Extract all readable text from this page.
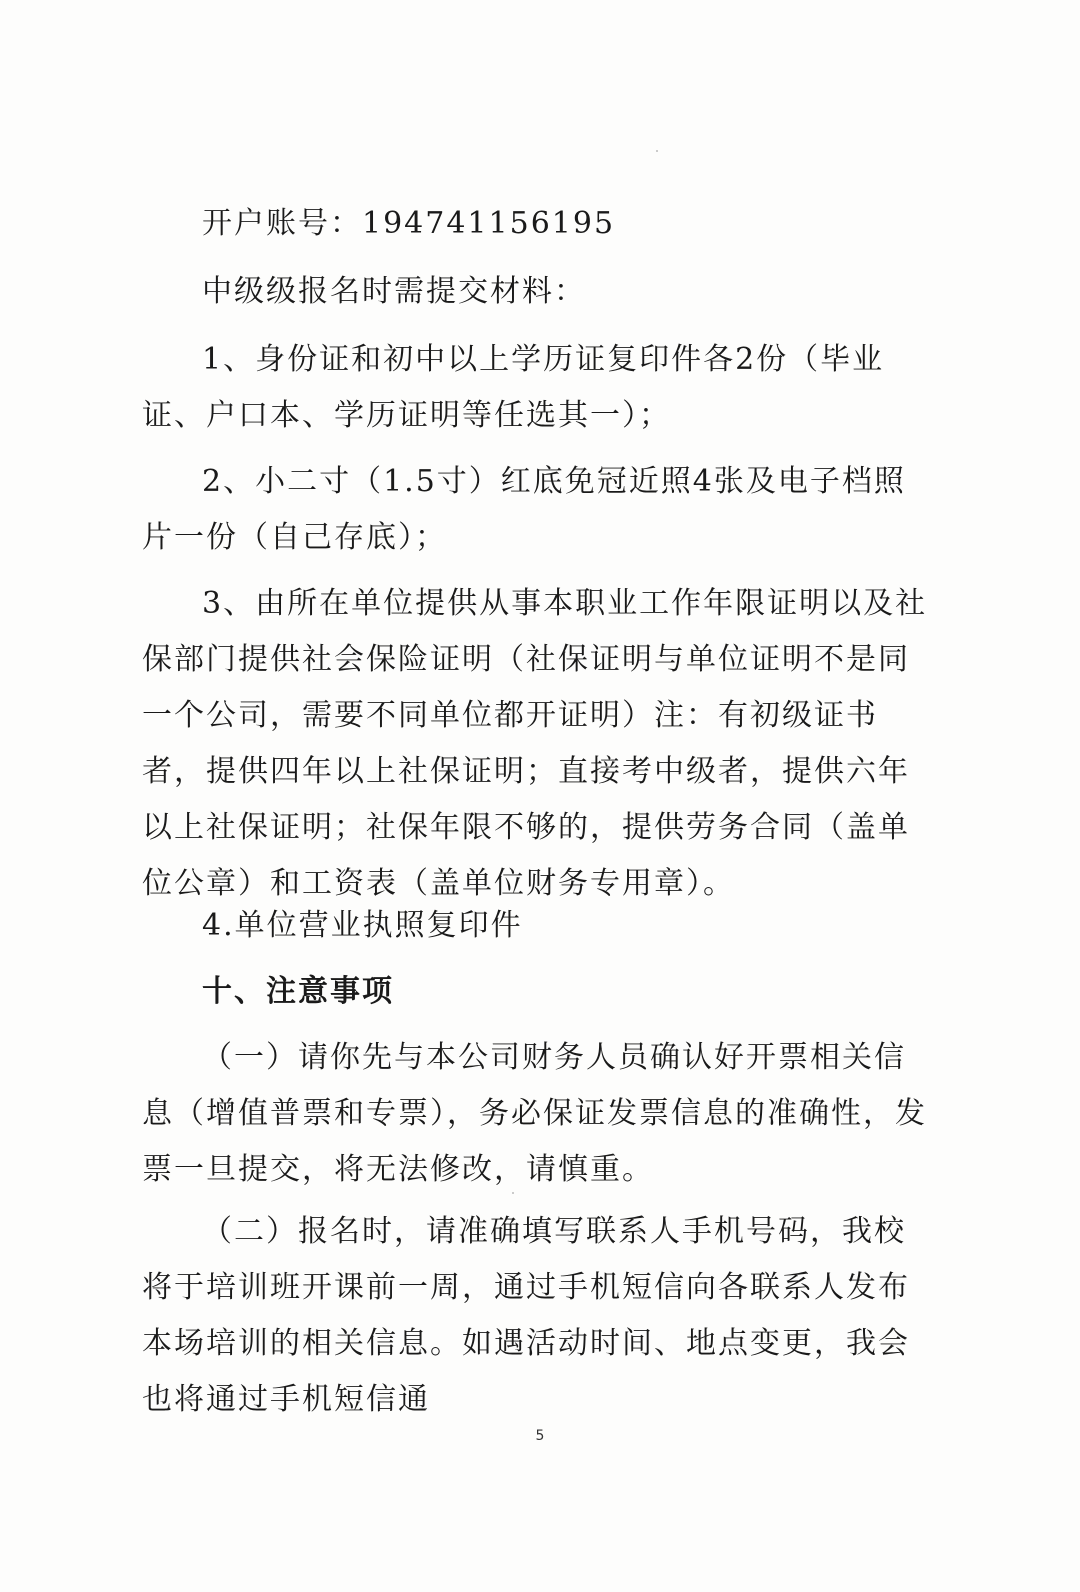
开户账号：194741156195

中级级报名时需提交材料：

1、身份证和初中以上学历证复印件各2份（毕业证、户口本、学历证明等任选其一）；

2、小二寸（1.5寸）红底免冠近照4张及电子档照片一份（自己存底）；

3、由所在单位提供从事本职业工作年限证明以及社保部门提供社会保险证明（社保证明与单位证明不是同一个公司，需要不同单位都开证明）注：有初级证书者，提供四年以上社保证明；直接考中级者，提供六年以上社保证明；社保年限不够的，提供劳务合同（盖单位公章）和工资表（盖单位财务专用章）。

4.单位营业执照复印件

十、注意事项

（一）请你先与本公司财务人员确认好开票相关信息（增值普票和专票），务必保证发票信息的准确性，发票一旦提交，将无法修改，请慎重。

（二）报名时，请准确填写联系人手机号码，我校将于培训班开课前一周，通过手机短信向各联系人发布本场培训的相关信息。如遇活动时间、地点变更，我会也将通过手机短信通

5
